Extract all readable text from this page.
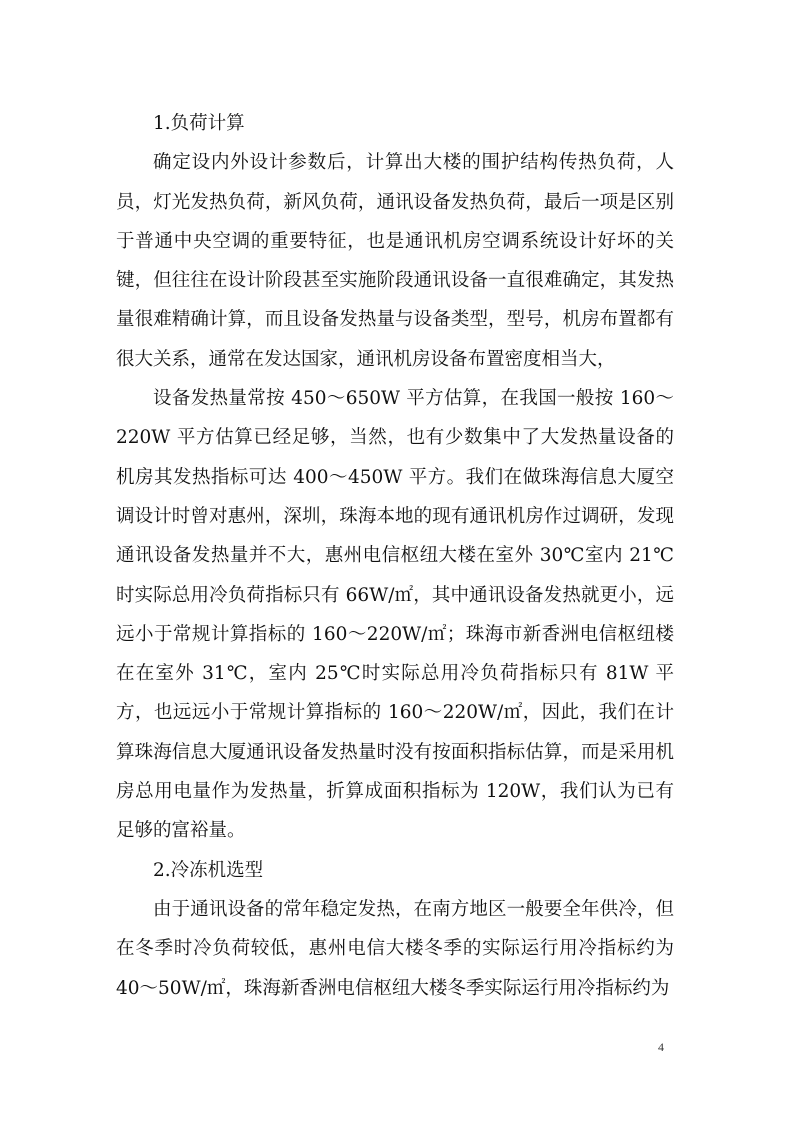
1.负荷计算

确定设内外设计参数后，计算出大楼的围护结构传热负荷，人员，灯光发热负荷，新风负荷，通讯设备发热负荷，最后一项是区别于普通中央空调的重要特征，也是通讯机房空调系统设计好坏的关键，但往往在设计阶段甚至实施阶段通讯设备一直很难确定，其发热量很难精确计算，而且设备发热量与设备类型，型号，机房布置都有很大关系，通常在发达国家，通讯机房设备布置密度相当大，

设备发热量常按 450～650W 平方估算，在我国一般按 160～220W 平方估算已经足够，当然，也有少数集中了大发热量设备的机房其发热指标可达 400～450W 平方。我们在做珠海信息大厦空调设计时曾对惠州，深圳，珠海本地的现有通讯机房作过调研，发现通讯设备发热量并不大，惠州电信枢纽大楼在室外 30℃室内 21℃时实际总用冷负荷指标只有 66W/㎡，其中通讯设备发热就更小，远远小于常规计算指标的 160～220W/㎡；珠海市新香洲电信枢纽楼在在室外 31℃，室内 25℃时实际总用冷负荷指标只有 81W 平方，也远远小于常规计算指标的 160～220W/㎡，因此，我们在计算珠海信息大厦通讯设备发热量时没有按面积指标估算，而是采用机房总用电量作为发热量，折算成面积指标为 120W，我们认为已有足够的富裕量。

2.冷冻机选型

由于通讯设备的常年稳定发热，在南方地区一般要全年供冷，但在冬季时冷负荷较低，惠州电信大楼冬季的实际运行用冷指标约为 40～50W/㎡，珠海新香洲电信枢纽大楼冬季实际运行用冷指标约为

4
